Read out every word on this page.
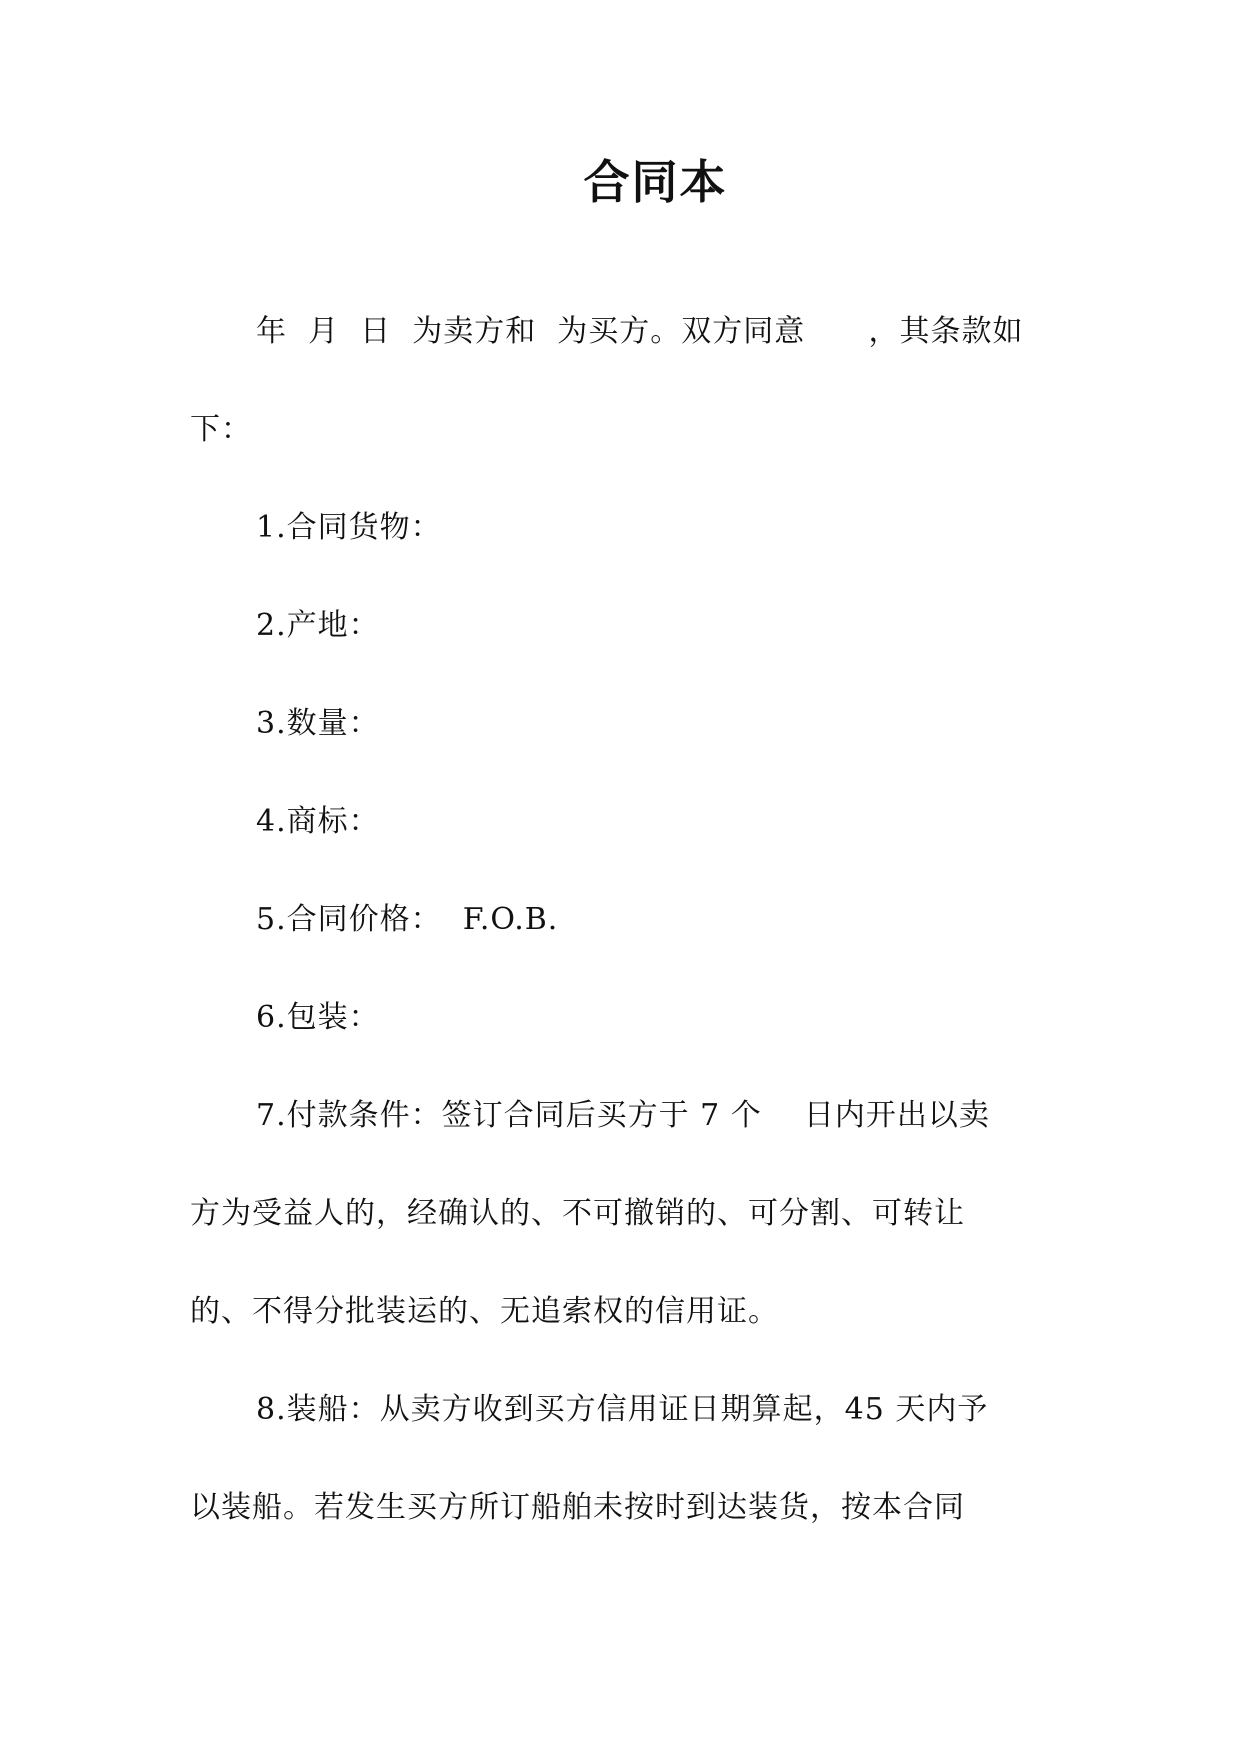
合同本
年  月  日  为卖方和  为买方。双方同意      ，其条款如
下：
1.合同货物：
2.产地：
3.数量：
4.商标：
5.合同价格：  F.O.B.
6.包装：
7.付款条件：签订合同后买方于 7 个    日内开出以卖
方为受益人的，经确认的、不可撤销的、可分割、可转让
的、不得分批装运的、无追索权的信用证。
8.装船：从卖方收到买方信用证日期算起，45 天内予
以装船。若发生买方所订船舶未按时到达装货，按本合同
